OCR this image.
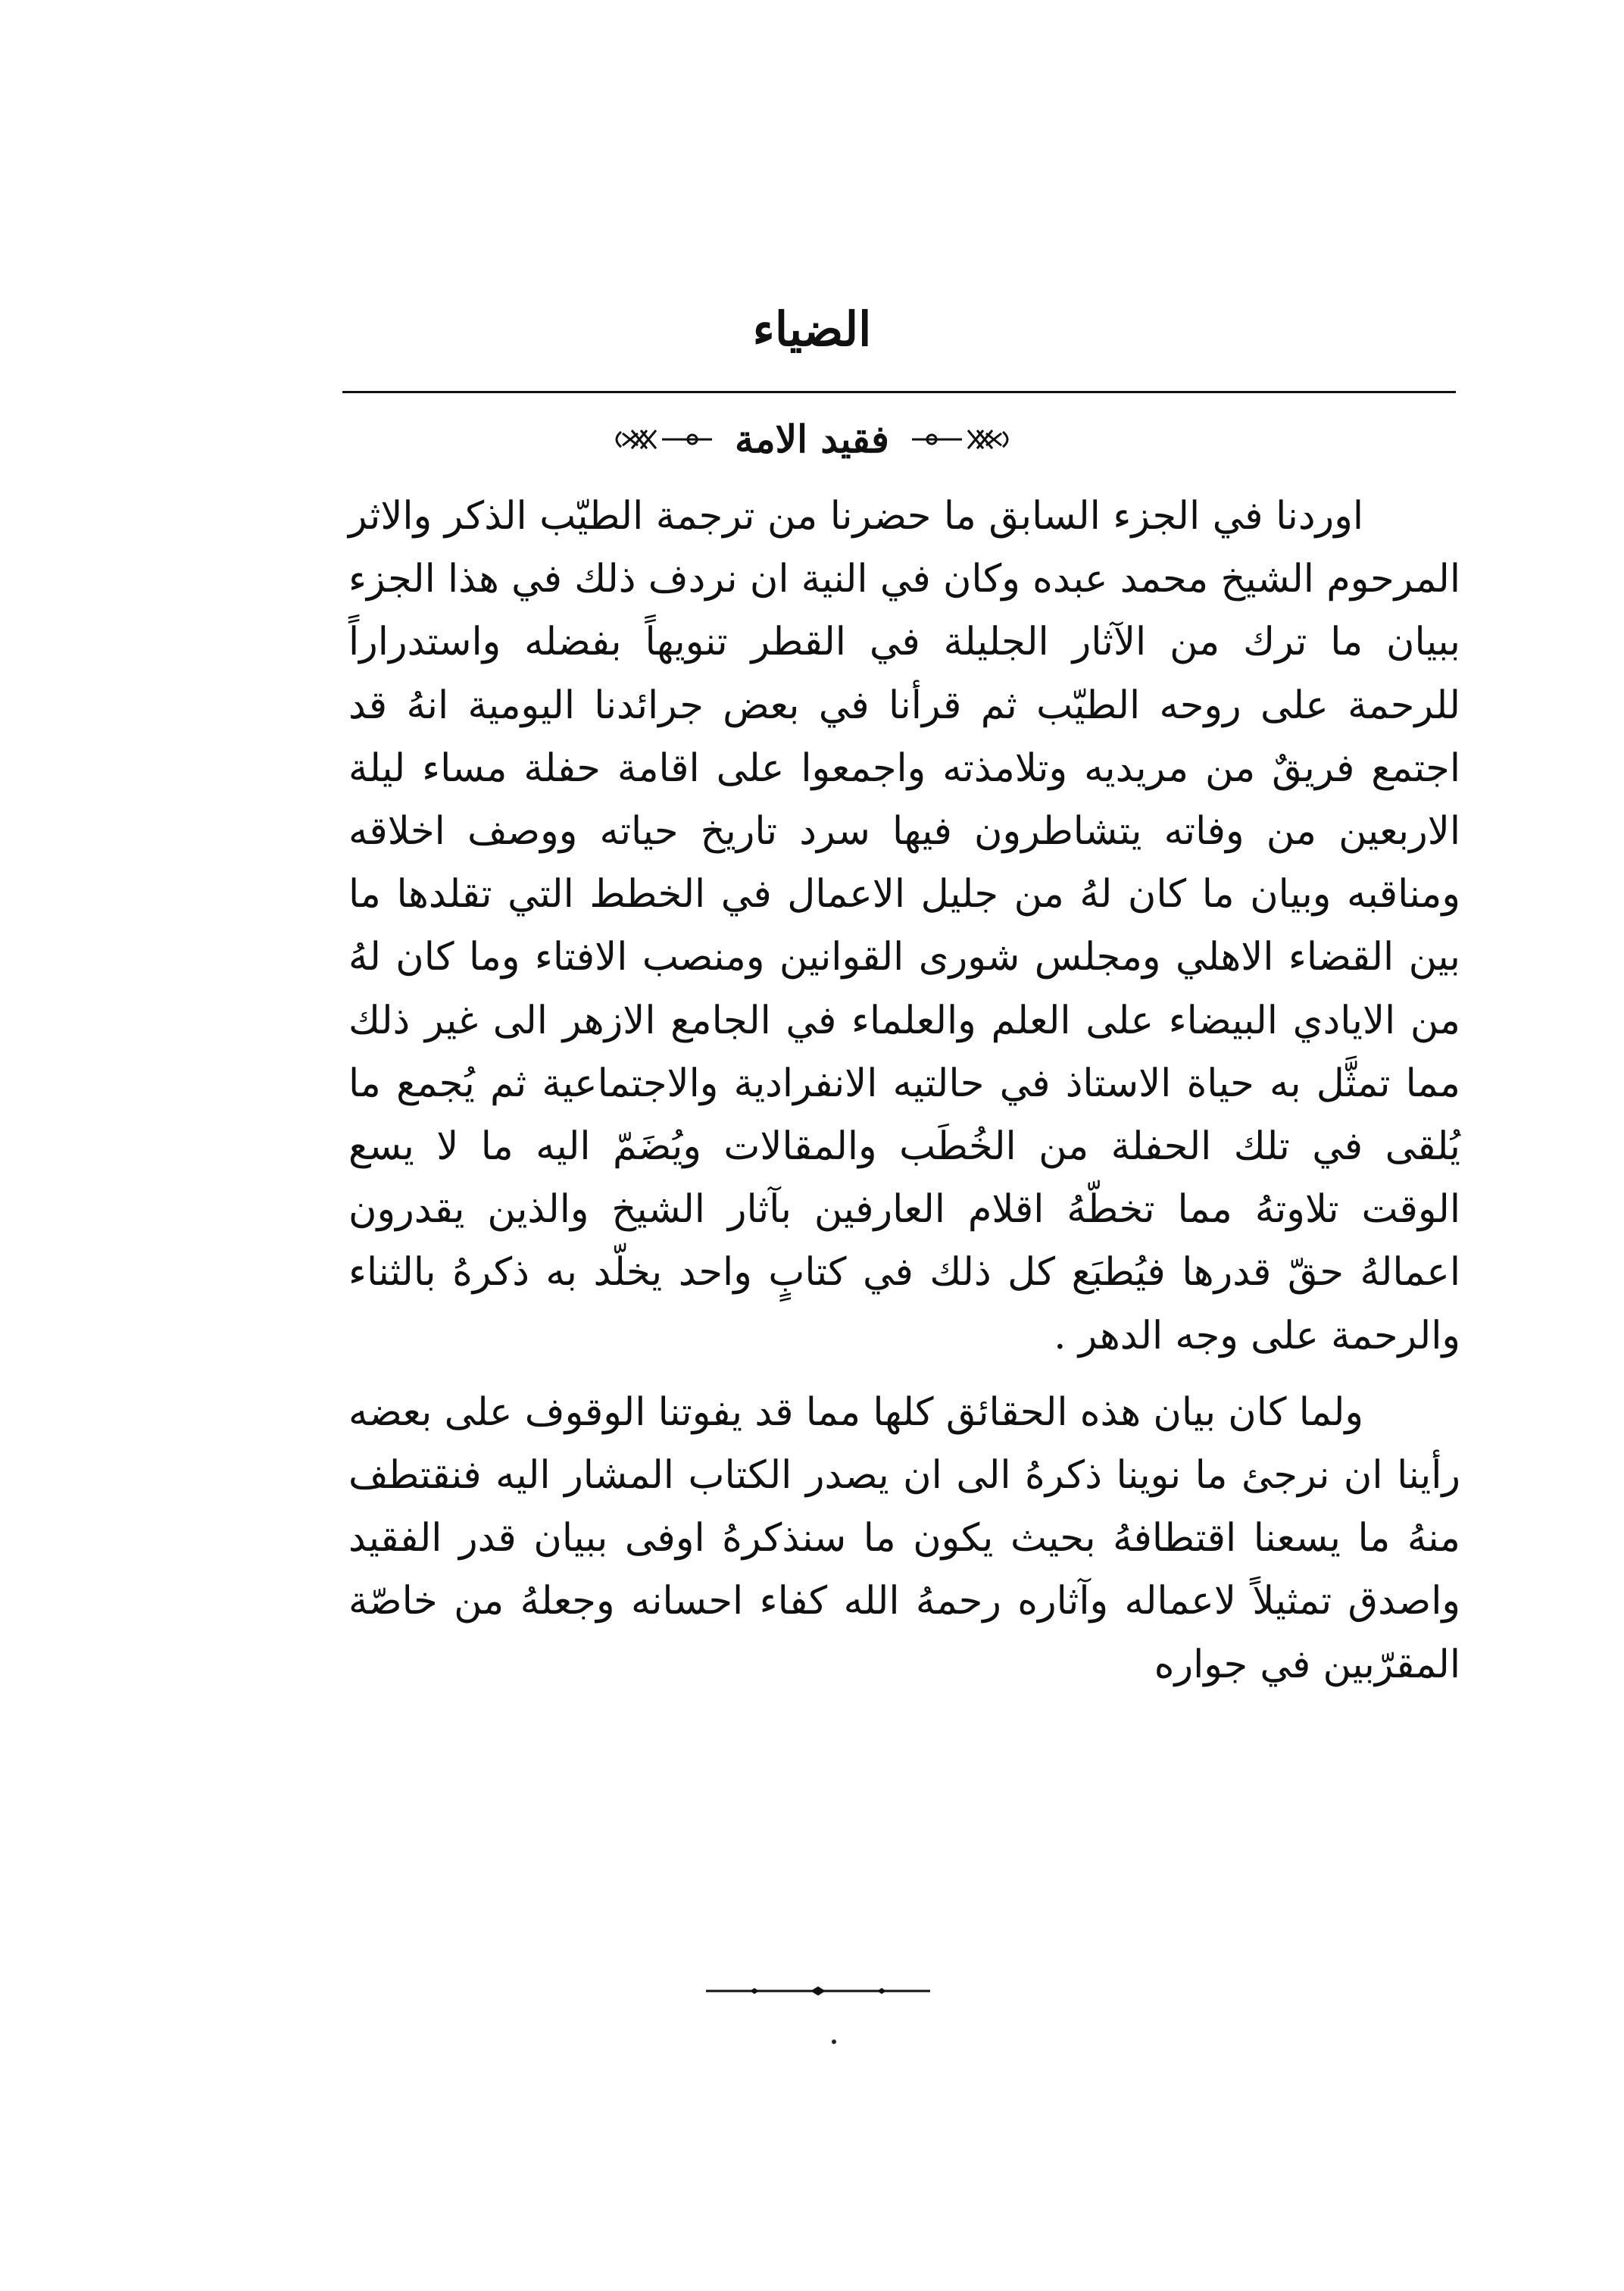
الضياء
فقيد الامة

اوردنا في الجزء السابق ما حضرنا من ترجمة الطيّب الذكر والاثر المرحوم الشيخ محمد عبده وكان في النية ان نردف ذلك في هذا الجزء ببيان ما ترك من الآثار الجليلة في القطر تنويهاً بفضله واستدراراً للرحمة على روحه الطيّب ثم قرأنا في بعض جرائدنا اليومية انهُ قد اجتمع فريقٌ من مريديه وتلامذته واجمعوا على اقامة حفلة مساء ليلة الاربعين من وفاته يتشاطرون فيها سرد تاريخ حياته ووصف اخلاقه ومناقبه وبيان ما كان لهُ من جليل الاعمال في الخطط التي تقلدها ما بين القضاء الاهلي ومجلس شورى القوانين ومنصب الافتاء وما كان لهُ من الايادي البيضاء على العلم والعلماء في الجامع الازهر الى غير ذلك مما تمثَّل به حياة الاستاذ في حالتيه الانفرادية والاجتماعية ثم يُجمع ما يُلقى في تلك الحفلة من الخُطَب والمقالات ويُضَمّ اليه ما لا يسع الوقت تلاوتهُ مما تخطّهُ اقلام العارفين بآثار الشيخ والذين يقدرون اعمالهُ حقّ قدرها فيُطبَع كل ذلك في كتابٍ واحد يخلّد به ذكرهُ بالثناء والرحمة على وجه الدهر .

ولما كان بيان هذه الحقائق كلها مما قد يفوتنا الوقوف على بعضه رأينا ان نرجئ ما نوينا ذكرهُ الى ان يصدر الكتاب المشار اليه فنقتطف منهُ ما يسعنا اقتطافهُ بحيث يكون ما سنذكرهُ اوفى ببيان قدر الفقيد واصدق تمثيلاً لاعماله وآثاره رحمهُ الله كفاء احسانه وجعلهُ من خاصّة المقرّبين في جواره
